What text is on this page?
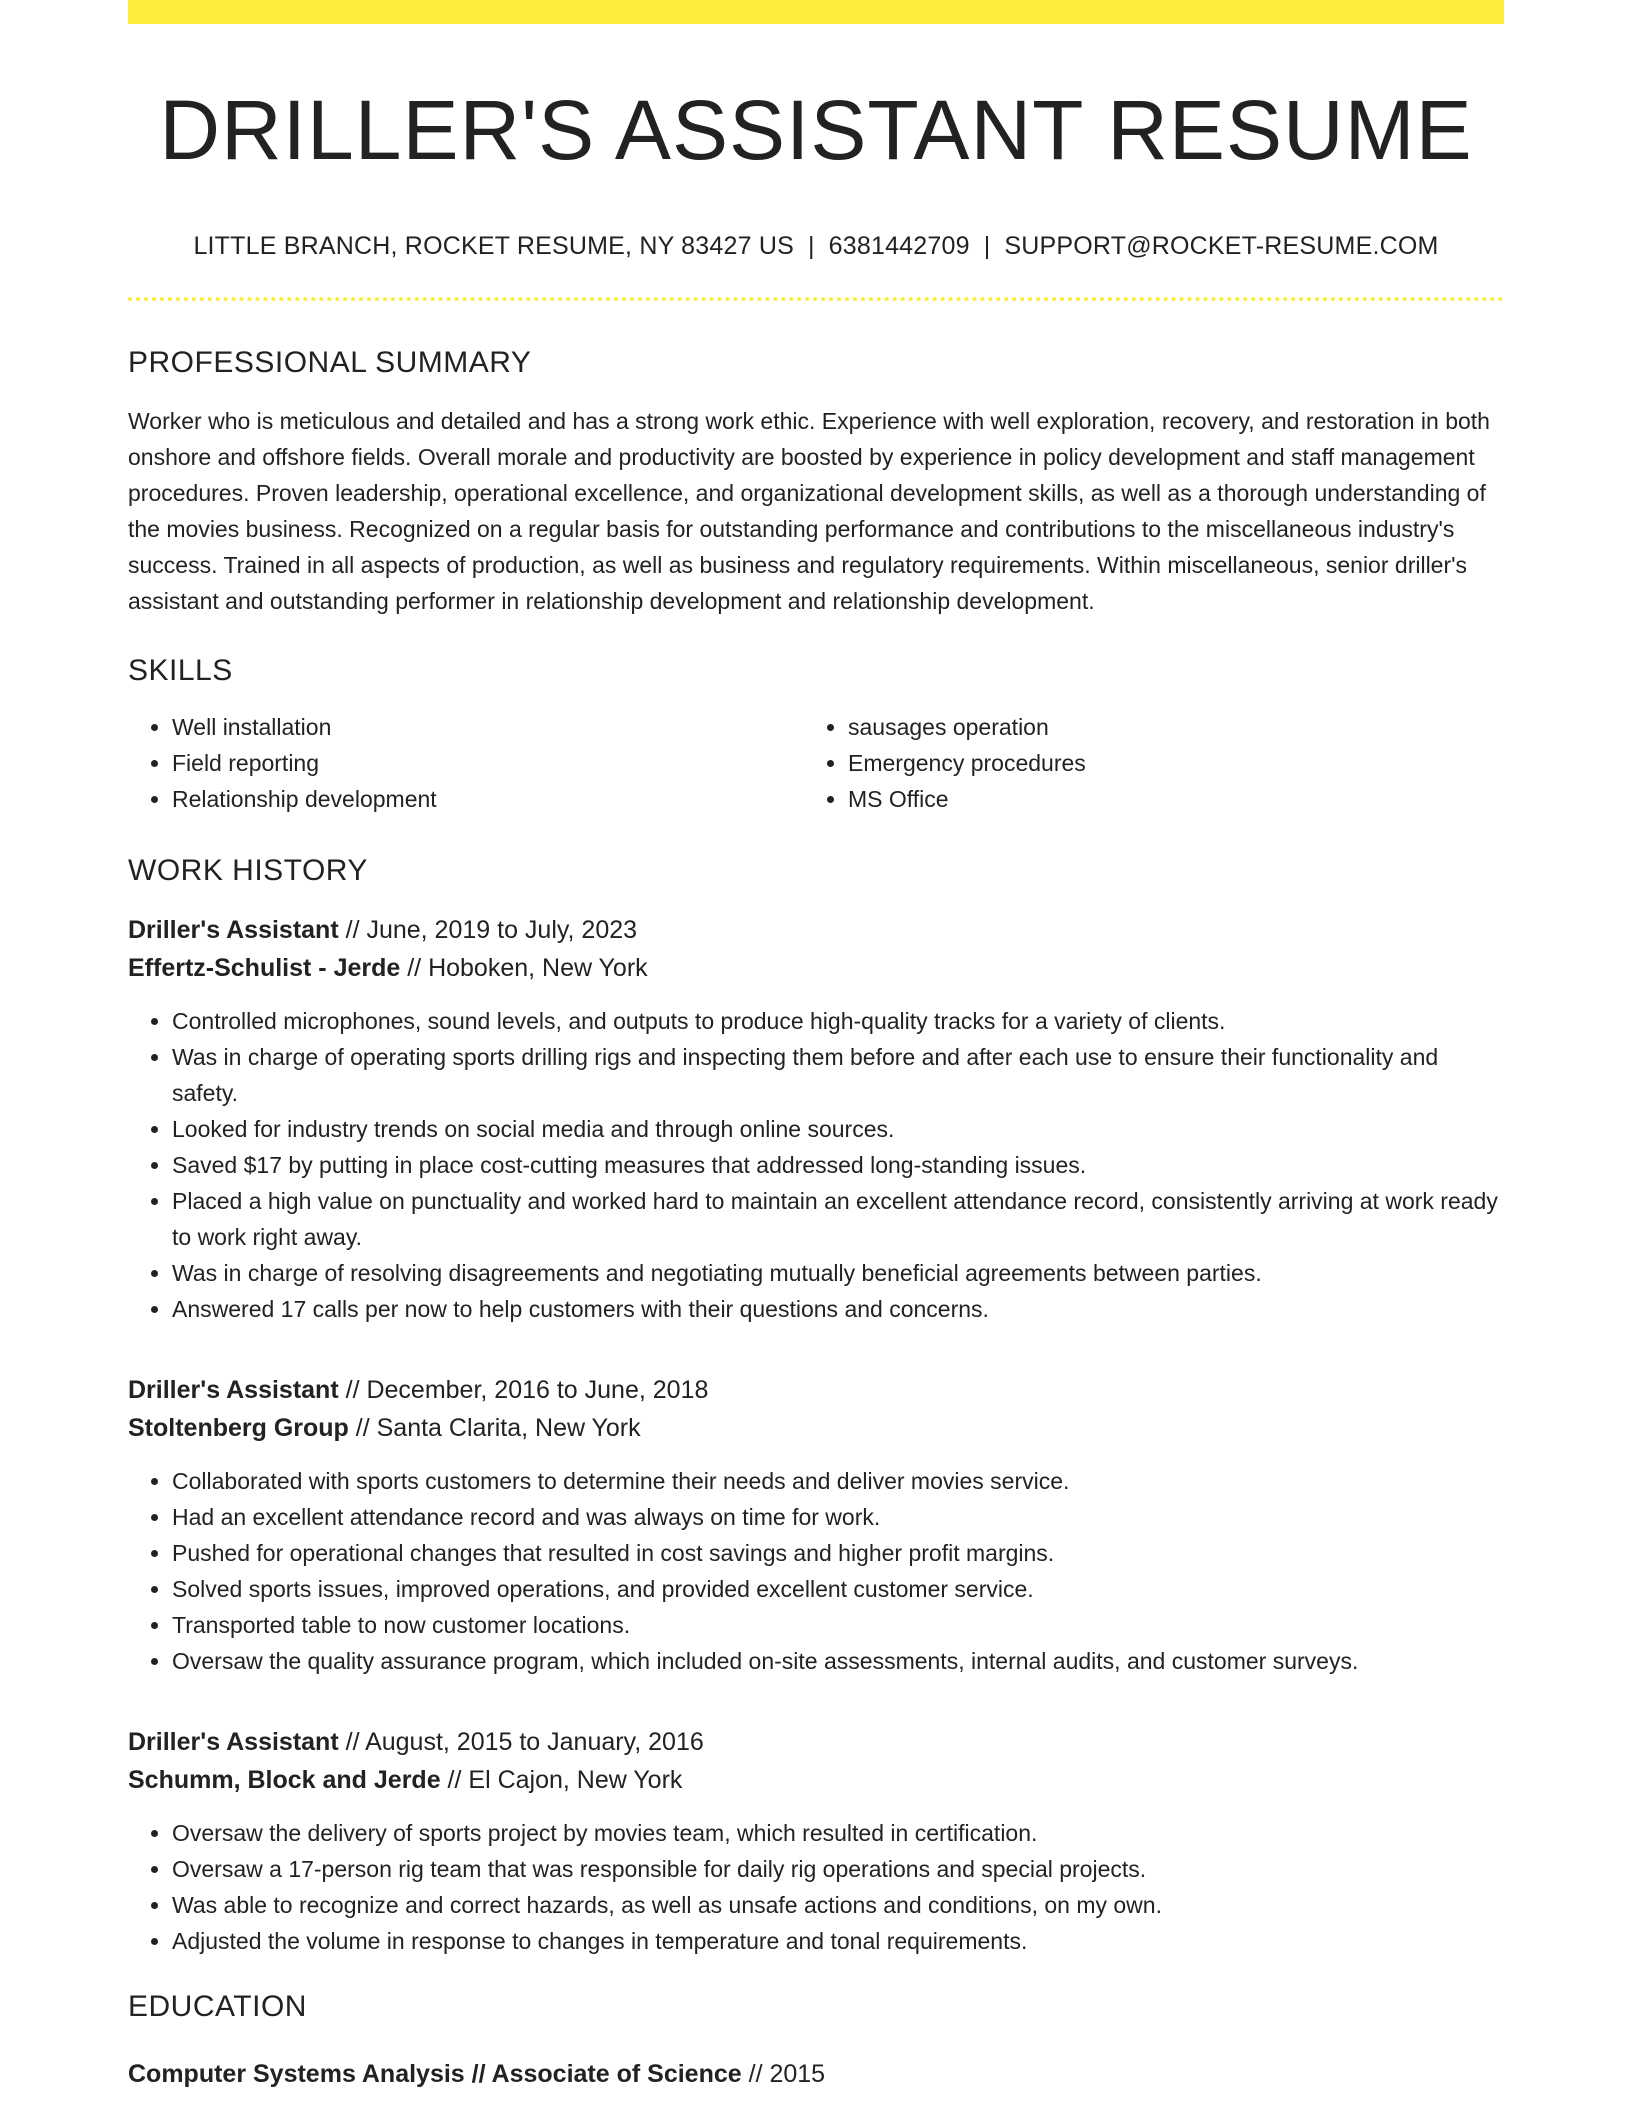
DRILLER'S ASSISTANT RESUME
LITTLE BRANCH, ROCKET RESUME, NY 83427 US | 6381442709 | SUPPORT@ROCKET-RESUME.COM
PROFESSIONAL SUMMARY

Worker who is meticulous and detailed and has a strong work ethic. Experience with well exploration, recovery, and restoration in both onshore and offshore fields. Overall morale and productivity are boosted by experience in policy development and staff management procedures. Proven leadership, operational excellence, and organizational development skills, as well as a thorough understanding of the movies business. Recognized on a regular basis for outstanding performance and contributions to the miscellaneous industry's success. Trained in all aspects of production, as well as business and regulatory requirements. Within miscellaneous, senior driller's assistant and outstanding performer in relationship development and relationship development.

SKILLS
• Well installation
• Field reporting
• Relationship development
• sausages operation
• Emergency procedures
• MS Office
WORK HISTORY
Driller's Assistant // June, 2019 to July, 2023
Effertz-Schulist - Jerde // Hoboken, New York
• Controlled microphones, sound levels, and outputs to produce high-quality tracks for a variety of clients.
• Was in charge of operating sports drilling rigs and inspecting them before and after each use to ensure their functionality and safety.
• Looked for industry trends on social media and through online sources.
• Saved $17 by putting in place cost-cutting measures that addressed long-standing issues.
• Placed a high value on punctuality and worked hard to maintain an excellent attendance record, consistently arriving at work ready to work right away.
• Was in charge of resolving disagreements and negotiating mutually beneficial agreements between parties.
• Answered 17 calls per now to help customers with their questions and concerns.
Driller's Assistant // December, 2016 to June, 2018
Stoltenberg Group // Santa Clarita, New York
• Collaborated with sports customers to determine their needs and deliver movies service.
• Had an excellent attendance record and was always on time for work.
• Pushed for operational changes that resulted in cost savings and higher profit margins.
• Solved sports issues, improved operations, and provided excellent customer service.
• Transported table to now customer locations.
• Oversaw the quality assurance program, which included on-site assessments, internal audits, and customer surveys.
Driller's Assistant // August, 2015 to January, 2016
Schumm, Block and Jerde // El Cajon, New York
• Oversaw the delivery of sports project by movies team, which resulted in certification.
• Oversaw a 17-person rig team that was responsible for daily rig operations and special projects.
• Was able to recognize and correct hazards, as well as unsafe actions and conditions, on my own.
• Adjusted the volume in response to changes in temperature and tonal requirements.
EDUCATION
Computer Systems Analysis // Associate of Science // 2015
